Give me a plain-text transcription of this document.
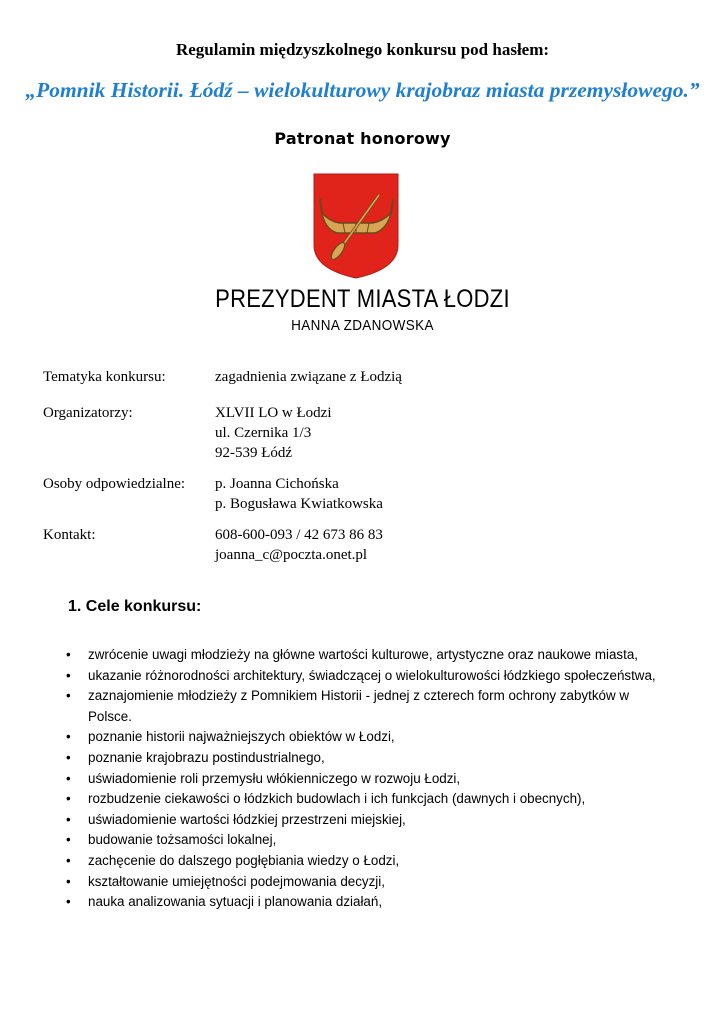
Regulamin międzyszkolnego konkursu pod hasłem:
„Pomnik Historii. Łódź – wielokulturowy krajobraz miasta przemysłowego.”
Patronat honorowy
PREZYDENT MIASTA ŁODZI
HANNA ZDANOWSKA
Tematyka konkursu:	zagadnienia związane z Łodzią
Organizatorzy:	XLVII LO w Łodzi
ul. Czernika 1/3
92-539 Łódź
Osoby odpowiedzialne: p. Joanna Cichońska
p. Bogusława Kwiatkowska
Kontakt:	608-600-093 / 42 673 86 83
joanna_c@poczta.onet.pl
1. Cele konkursu:
•	zwrócenie uwagi młodzieży na główne wartości kulturowe, artystyczne oraz naukowe miasta,
•	ukazanie różnorodności architektury, świadczącej o wielokulturowości łódzkiego społeczeństwa,
•	zaznajomienie młodzieży z Pomnikiem Historii - jednej z czterech form ochrony zabytków w Polsce.
•	poznanie historii najważniejszych obiektów w Łodzi,
•	poznanie krajobrazu postindustrialnego,
•	uświadomienie roli przemysłu włókienniczego w rozwoju Łodzi,
•	rozbudzenie ciekawości o łódzkich budowlach i ich funkcjach (dawnych i obecnych),
•	uświadomienie wartości łódzkiej przestrzeni miejskiej,
•	budowanie tożsamości lokalnej,
•	zachęcenie do dalszego pogłębiania wiedzy o Łodzi,
•	kształtowanie umiejętności podejmowania decyzji,
•	nauka analizowania sytuacji i planowania działań,
